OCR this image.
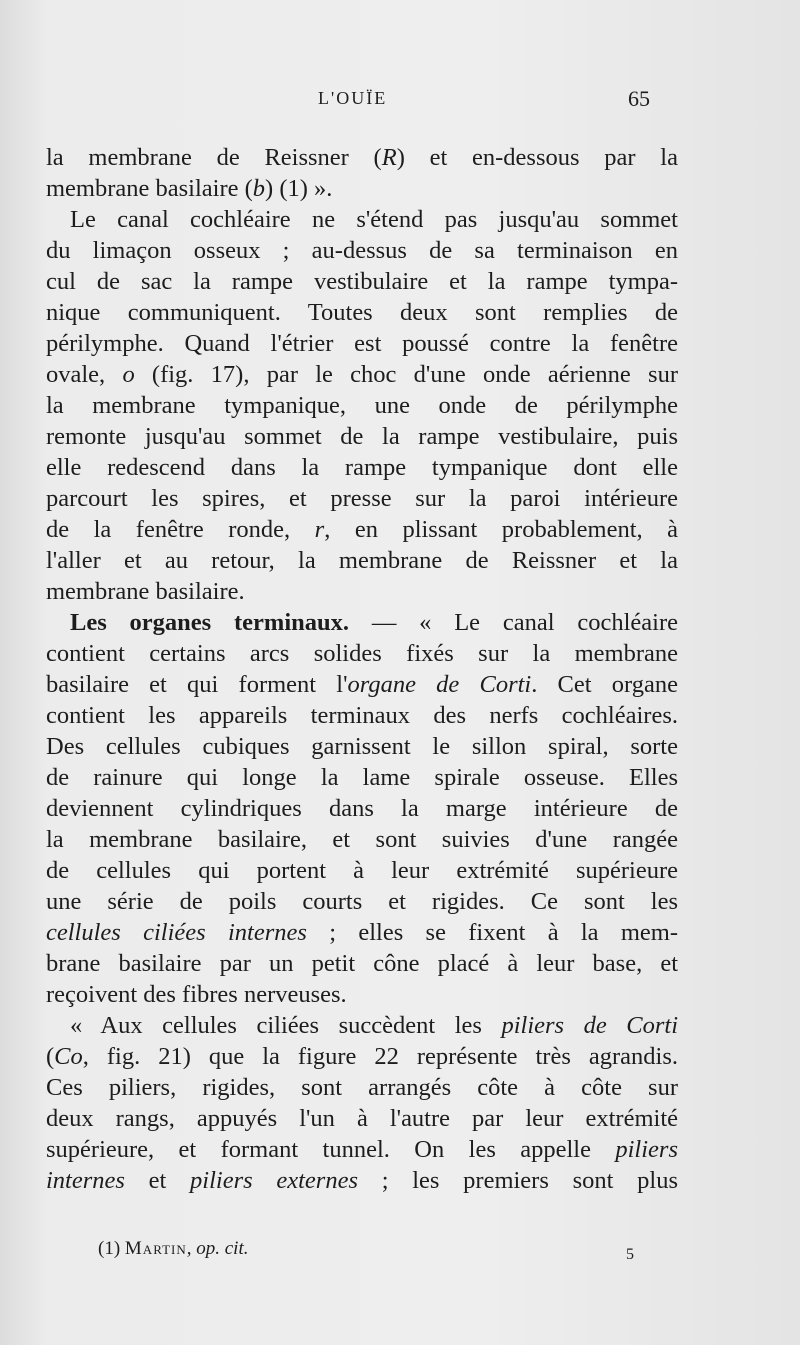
L'OUÏE	65
la membrane de Reissner (R) et en-dessous par la
membrane basilaire (b) (1) ».
Le canal cochléaire ne s'étend pas jusqu'au sommet
du limaçon osseux ; au-dessus de sa terminaison en
cul de sac la rampe vestibulaire et la rampe tympa-
nique communiquent. Toutes deux sont remplies de
périlymphe. Quand l'étrier est poussé contre la fenêtre
ovale, o (fig. 17), par le choc d'une onde aérienne sur
la membrane tympanique, une onde de périlymphe
remonte jusqu'au sommet de la rampe vestibulaire, puis
elle redescend dans la rampe tympanique dont elle
parcourt les spires, et presse sur la paroi intérieure
de la fenêtre ronde, r, en plissant probablement, à
l'aller et au retour, la membrane de Reissner et la
membrane basilaire.
Les organes terminaux. — « Le canal cochléaire
contient certains arcs solides fixés sur la membrane
basilaire et qui forment l'organe de Corti. Cet organe
contient les appareils terminaux des nerfs cochléaires.
Des cellules cubiques garnissent le sillon spiral, sorte
de rainure qui longe la lame spirale osseuse. Elles
deviennent cylindriques dans la marge intérieure de
la membrane basilaire, et sont suivies d'une rangée
de cellules qui portent à leur extrémité supérieure
une série de poils courts et rigides. Ce sont les
cellules ciliées internes ; elles se fixent à la mem-
brane basilaire par un petit cône placé à leur base, et
reçoivent des fibres nerveuses.
« Aux cellules ciliées succèdent les piliers de Corti
(Co, fig. 21) que la figure 22 représente très agrandis.
Ces piliers, rigides, sont arrangés côte à côte sur
deux rangs, appuyés l'un à l'autre par leur extrémité
supérieure, et formant tunnel. On les appelle piliers
internes et piliers externes ; les premiers sont plus
(1) Martin, op. cit.	5
